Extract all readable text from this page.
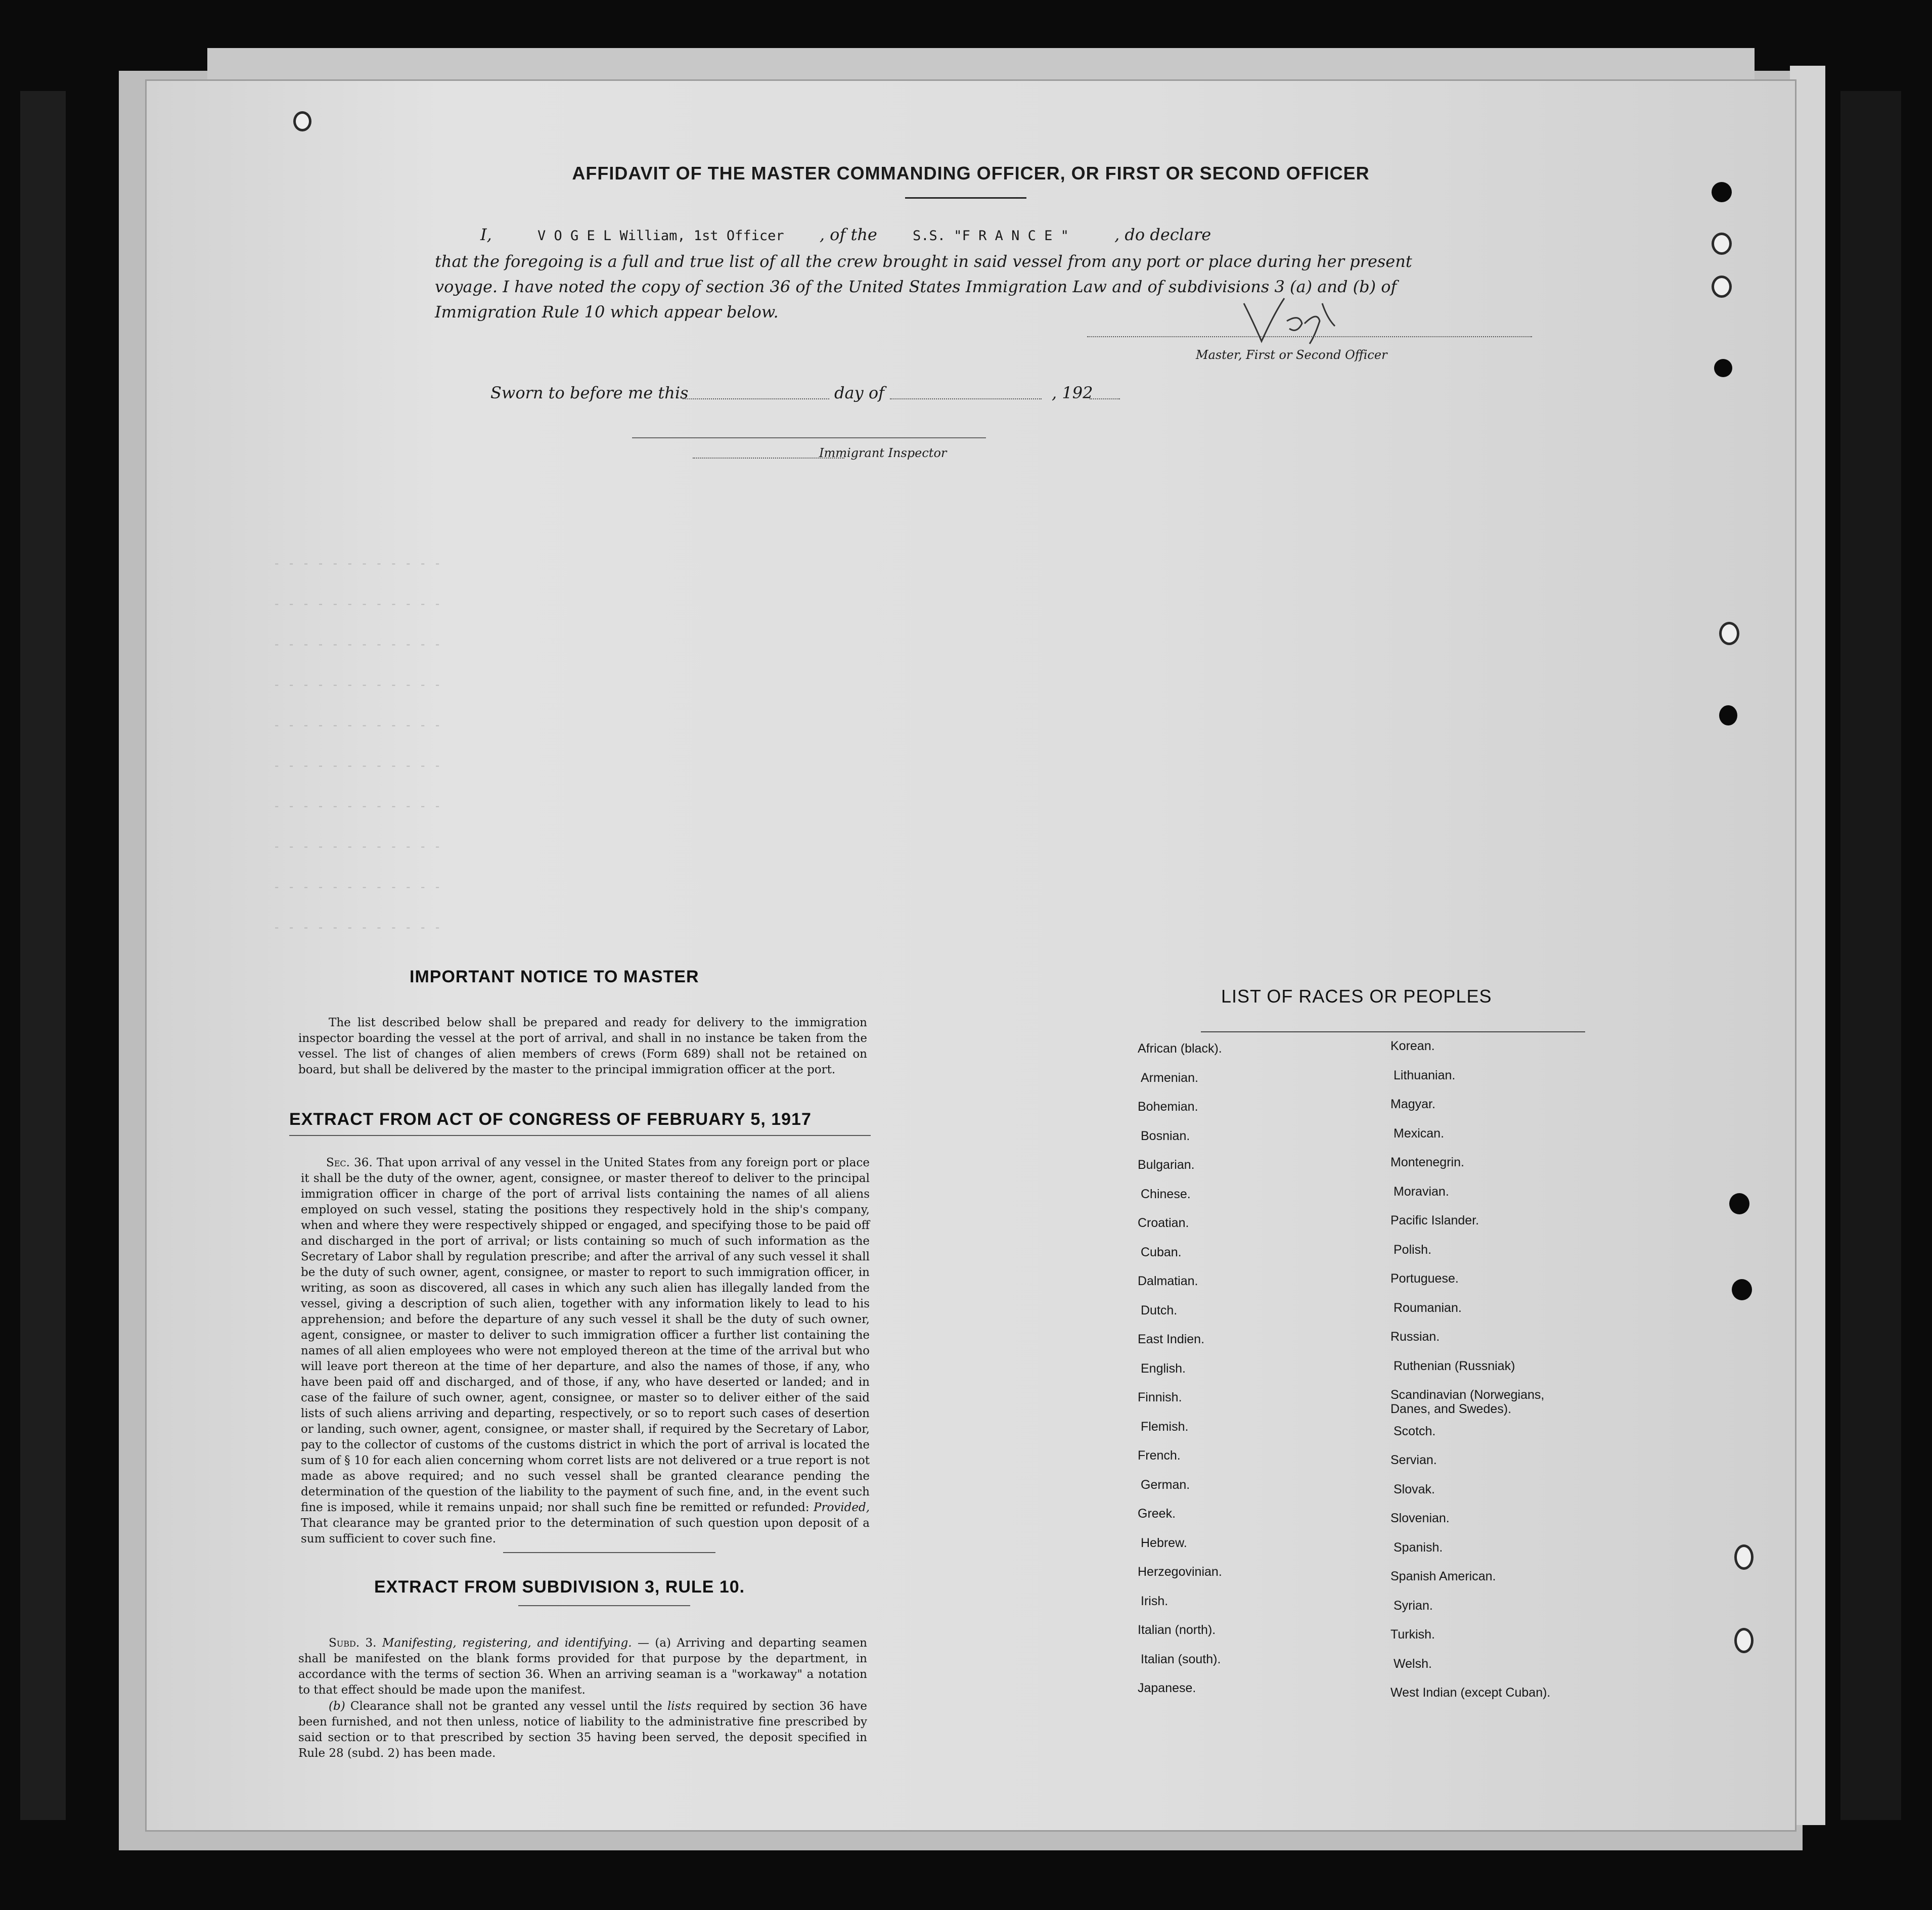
- - - - - - - - - - - -
- - - - - - - - - - - -
- - - - - - - - - - - -
- - - - - - - - - - - -
- - - - - - - - - - - -
- - - - - - - - - - - -
- - - - - - - - - - - -
- - - - - - - - - - - -
- - - - - - - - - - - -
- - - - - - - - - - - -
AFFIDAVIT OF THE MASTER COMMANDING OFFICER, OR FIRST OR SECOND OFFICER
I,	V O G E L William, 1st Officer , of the	S.S. "F R A N C E "	, do declare
that the foregoing is a full and true list of all the crew brought in said vessel from any port or place during her present
voyage. I have noted the copy of section 36 of the United States Immigration Law and of subdivisions 3 (a) and (b) of
Immigration Rule 10 which appear below.
Master, First or Second Officer
Sworn to before me this	day of	, 192
Immigrant Inspector
IMPORTANT NOTICE TO MASTER
The list described below shall be prepared and ready for delivery to the immigration inspector boarding the vessel at the port of arrival, and shall in no instance be taken from the vessel. The list of changes of alien members of crews (Form 689) shall not be retained on board, but shall be delivered by the master to the principal immigration officer at the port.
EXTRACT FROM ACT OF CONGRESS OF FEBRUARY 5, 1917
Sec. 36. That upon arrival of any vessel in the United States from any foreign port or place it shall be the duty of the owner, agent, consignee, or master thereof to deliver to the principal immigration officer in charge of the port of arrival lists containing the names of all aliens employed on such vessel, stating the positions they respectively hold in the ship's company, when and where they were respectively shipped or engaged, and specifying those to be paid off and discharged in the port of arrival; or lists containing so much of such information as the Secretary of Labor shall by regulation prescribe; and after the arrival of any such vessel it shall be the duty of such owner, agent, consignee, or master to report to such immigration officer, in writing, as soon as discovered, all cases in which any such alien has illegally landed from the vessel, giving a description of such alien, together with any information likely to lead to his apprehension; and before the departure of any such vessel it shall be the duty of such owner, agent, consignee, or master to deliver to such immigration officer a further list containing the names of all alien employees who were not employed thereon at the time of the arrival but who will leave port thereon at the time of her departure, and also the names of those, if any, who have been paid off and discharged, and of those, if any, who have deserted or landed; and in case of the failure of such owner, agent, consignee, or master so to deliver either of the said lists of such aliens arriving and departing, respectively, or so to report such cases of desertion or landing, such owner, agent, consignee, or master shall, if required by the Secretary of Labor, pay to the collector of customs of the customs district in which the port of arrival is located the sum of § 10 for each alien concerning whom corret lists are not delivered or a true report is not made as above required; and no such vessel shall be granted clearance pending the determination of the question of the liability to the payment of such fine, and, in the event such fine is imposed, while it remains unpaid; nor shall such fine be remitted or refunded: Provided, That clearance may be granted prior to the determination of such question upon deposit of a sum sufficient to cover such fine.
EXTRACT FROM SUBDIVISION 3, RULE 10.
Subd. 3. Manifesting, registering, and identifying. — (a) Arriving and departing seamen shall be manifested on the blank forms provided for that purpose by the department, in accordance with the terms of section 36. When an arriving seaman is a "workaway" a notation to that effect should be made upon the manifest.
(b) Clearance shall not be granted any vessel until the lists required by section 36 have been furnished, and not then unless, notice of liability to the administrative fine prescribed by said section or to that prescribed by section 35 having been served, the deposit specified in Rule 28 (subd. 2) has been made.
LIST OF RACES OR PEOPLES
African (black).
Armenian.
Bohemian.
Bosnian.
Bulgarian.
Chinese.
Croatian.
Cuban.
Dalmatian.
Dutch.
East Indien.
English.
Finnish.
Flemish.
French.
German.
Greek.
Hebrew.
Herzegovinian.
Irish.
Italian (north).
Italian (south).
Japanese.
Korean.
Lithuanian.
Magyar.
Mexican.
Montenegrin.
Moravian.
Pacific Islander.
Polish.
Portuguese.
Roumanian.
Russian.
Ruthenian (Russniak)
Scandinavian (Norwegians, Danes, and Swedes).
Scotch.
Servian.
Slovak.
Slovenian.
Spanish.
Spanish American.
Syrian.
Turkish.
Welsh.
West Indian (except Cuban).
